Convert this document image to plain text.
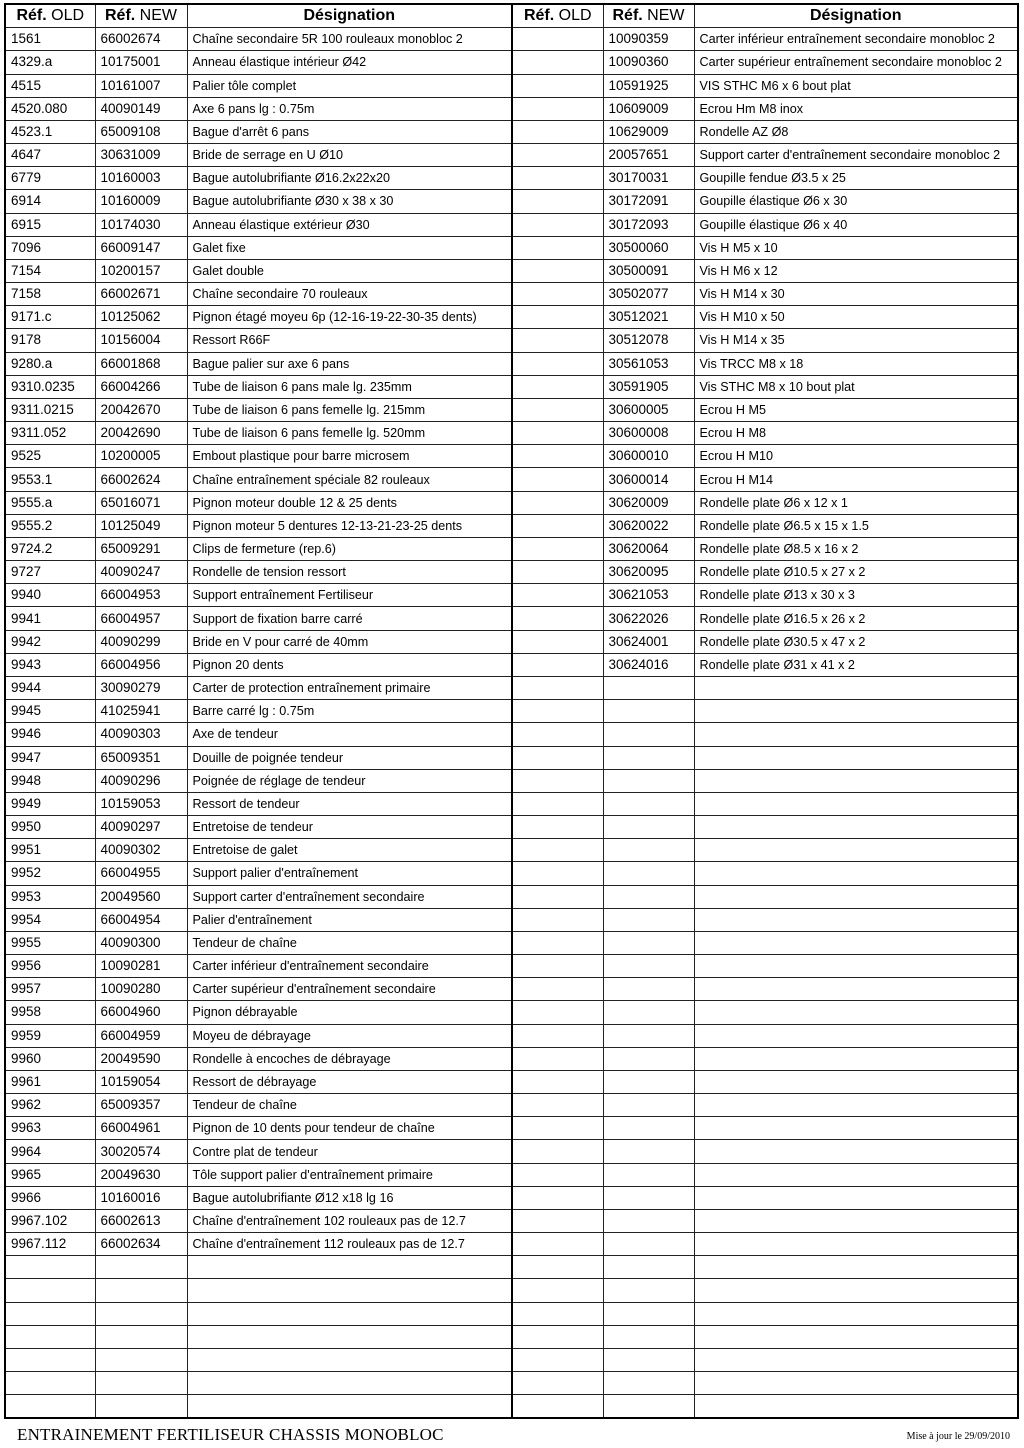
Réf. OLD	Réf. NEW	Désignation	Réf. OLD	Réf. NEW	Désignation
1561	66002674	Chaîne secondaire 5R 100 rouleaux monobloc 2		10090359	Carter inférieur entraînement secondaire monobloc 2
4329.a	10175001	Anneau élastique intérieur Ø42		10090360	Carter supérieur entraînement secondaire monobloc 2
4515	10161007	Palier tôle complet		10591925	VIS STHC M6 x 6 bout plat
4520.080	40090149	Axe 6 pans lg : 0.75m		10609009	Ecrou Hm M8 inox
4523.1	65009108	Bague d'arrêt 6 pans		10629009	Rondelle AZ Ø8
4647	30631009	Bride de serrage en U Ø10		20057651	Support carter d'entraînement secondaire monobloc 2
6779	10160003	Bague autolubrifiante Ø16.2x22x20		30170031	Goupille fendue Ø3.5 x 25
6914	10160009	Bague autolubrifiante Ø30 x 38 x 30		30172091	Goupille élastique Ø6 x 30
6915	10174030	Anneau élastique extérieur Ø30		30172093	Goupille élastique Ø6 x 40
7096	66009147	Galet fixe		30500060	Vis H M5 x 10
7154	10200157	Galet double		30500091	Vis H M6 x 12
7158	66002671	Chaîne secondaire 70 rouleaux		30502077	Vis H M14 x 30
9171.c	10125062	Pignon étagé moyeu 6p (12-16-19-22-30-35 dents)		30512021	Vis H M10 x 50
9178	10156004	Ressort R66F		30512078	Vis H M14 x 35
9280.a	66001868	Bague palier sur axe 6 pans		30561053	Vis TRCC M8 x 18
9310.0235	66004266	Tube de liaison 6 pans male lg. 235mm		30591905	Vis STHC M8 x 10 bout plat
9311.0215	20042670	Tube de liaison 6 pans femelle lg. 215mm		30600005	Ecrou H M5
9311.052	20042690	Tube de liaison 6 pans femelle lg. 520mm		30600008	Ecrou H M8
9525	10200005	Embout plastique pour barre microsem		30600010	Ecrou H M10
9553.1	66002624	Chaîne entraînement spéciale 82 rouleaux		30600014	Ecrou H M14
9555.a	65016071	Pignon moteur double 12 & 25 dents		30620009	Rondelle plate Ø6 x 12 x 1
9555.2	10125049	Pignon moteur 5 dentures 12-13-21-23-25 dents		30620022	Rondelle plate Ø6.5 x 15 x 1.5
9724.2	65009291	Clips de fermeture (rep.6)		30620064	Rondelle plate Ø8.5 x 16 x 2
9727	40090247	Rondelle de tension ressort		30620095	Rondelle plate Ø10.5 x 27 x 2
9940	66004953	Support entraînement Fertiliseur		30621053	Rondelle plate Ø13 x 30 x 3
9941	66004957	Support de fixation barre carré		30622026	Rondelle plate Ø16.5 x 26 x 2
9942	40090299	Bride en V pour carré de 40mm		30624001	Rondelle plate Ø30.5 x 47 x 2
9943	66004956	Pignon 20 dents		30624016	Rondelle plate Ø31 x 41 x 2
9944	30090279	Carter de protection entraînement primaire			
9945	41025941	Barre carré lg : 0.75m			
9946	40090303	Axe de tendeur			
9947	65009351	Douille de poignée tendeur			
9948	40090296	Poignée de réglage de tendeur			
9949	10159053	Ressort de tendeur			
9950	40090297	Entretoise de tendeur			
9951	40090302	Entretoise de galet			
9952	66004955	Support palier d'entraînement			
9953	20049560	Support carter d'entraînement secondaire			
9954	66004954	Palier d'entraînement			
9955	40090300	Tendeur de chaîne			
9956	10090281	Carter inférieur d'entraînement secondaire			
9957	10090280	Carter supérieur d'entraînement secondaire			
9958	66004960	Pignon débrayable			
9959	66004959	Moyeu de débrayage			
9960	20049590	Rondelle à encoches de débrayage			
9961	10159054	Ressort de débrayage			
9962	65009357	Tendeur de chaîne			
9963	66004961	Pignon de 10 dents pour tendeur de chaîne			
9964	30020574	Contre plat de tendeur			
9965	20049630	Tôle support palier d'entraînement primaire			
9966	10160016	Bague autolubrifiante Ø12 x18 lg 16			
9967.102	66002613	Chaîne d'entraînement 102 rouleaux pas de 12.7			
9967.112	66002634	Chaîne d'entraînement 112 rouleaux pas de 12.7			

ENTRAINEMENT FERTILISEUR CHASSIS MONOBLOC	Mise à jour le 29/09/2010
